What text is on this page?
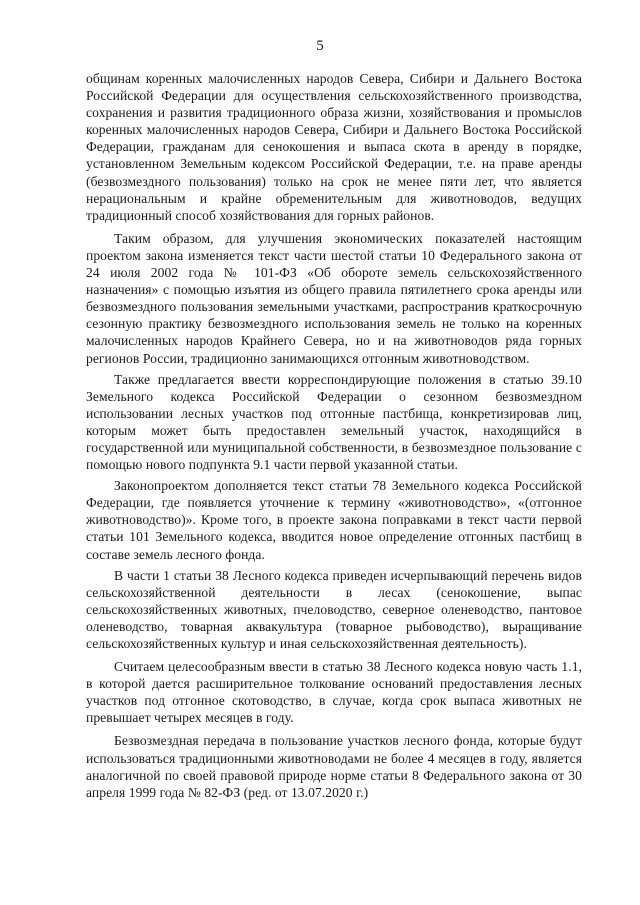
5

общинам коренных малочисленных народов Севера, Сибири и Дальнего Востока Российской Федерации для осуществления сельскохозяйственного производства, сохранения и развития традиционного образа жизни, хозяйствования и промыслов коренных малочисленных народов Севера, Сибири и Дальнего Востока Российской Федерации, гражданам для сенокошения и выпаса скота в аренду в порядке, установленном Земельным кодексом Российской Федерации, т.е. на праве аренды (безвозмездного пользования) только на срок не менее пяти лет, что является нерациональным и крайне обременительным для животноводов, ведущих традиционный способ хозяйствования для горных районов.

Таким образом, для улучшения экономических показателей настоящим проектом закона изменяется текст части шестой статьи 10 Федерального закона от 24 июля 2002 года № 101-ФЗ «Об обороте земель сельскохозяйственного назначения» с помощью изъятия из общего правила пятилетнего срока аренды или безвозмездного пользования земельными участками, распространив краткосрочную сезонную практику безвозмездного использования земель не только на коренных малочисленных народов Крайнего Севера, но и на животноводов ряда горных регионов России, традиционно занимающихся отгонным животноводством.

Также предлагается ввести корреспондирующие положения в статью 39.10 Земельного кодекса Российской Федерации о сезонном безвозмездном использовании лесных участков под отгонные пастбища, конкретизировав лиц, которым может быть предоставлен земельный участок, находящийся в государственной или муниципальной собственности, в безвозмездное пользование с помощью нового подпункта 9.1 части первой указанной статьи.

Законопроектом дополняется текст статьи 78 Земельного кодекса Российской Федерации, где появляется уточнение к термину «животноводство», «(отгонное животноводство)». Кроме того, в проекте закона поправками в текст части первой статьи 101 Земельного кодекса, вводится новое определение отгонных пастбищ в составе земель лесного фонда.

В части 1 статьи 38 Лесного кодекса приведен исчерпывающий перечень видов сельскохозяйственной деятельности в лесах (сенокошение, выпас сельскохозяйственных животных, пчеловодство, северное оленеводство, пантовое оленеводство, товарная аквакультура (товарное рыбоводство), выращивание сельскохозяйственных культур и иная сельскохозяйственная деятельность).

Считаем целесообразным ввести в статью 38 Лесного кодекса новую часть 1.1, в которой дается расширительное толкование оснований предоставления лесных участков под отгонное скотоводство, в случае, когда срок выпаса животных не превышает четырех месяцев в году.

Безвозмездная передача в пользование участков лесного фонда, которые будут использоваться традиционными животноводами не более 4 месяцев в году, является аналогичной по своей правовой природе норме статьи 8 Федерального закона от 30 апреля 1999 года № 82-ФЗ (ред. от 13.07.2020 г.)
